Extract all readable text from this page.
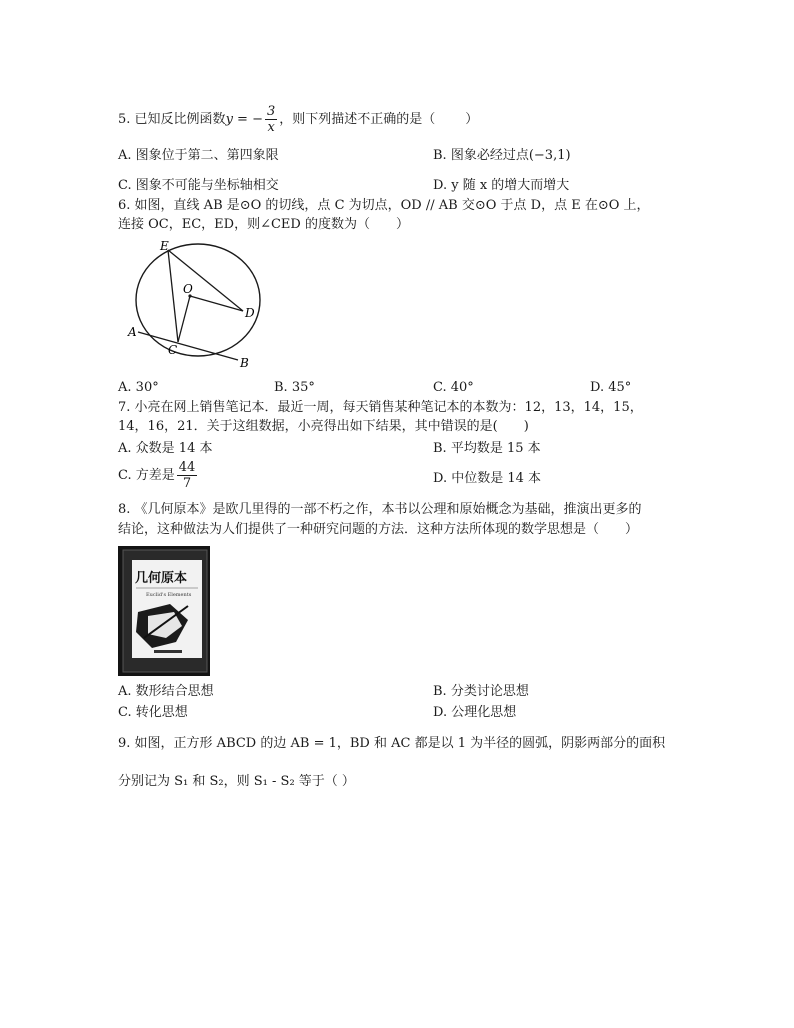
5. 已知反比例函数y = − $\frac{3}{x}$ ，则下列描述不正确的是（ ）
A. 图象位于第二、第四象限	B. 图象必经过点(−3,1)
C. 图象不可能与坐标轴相交	D. y 随 x 的增大而增大
6. 如图，直线 AB 是⊙O 的切线，点 C 为切点，OD // AB 交⊙O 于点 D，点 E 在⊙O 上，
连接 OC，EC，ED，则∠CED 的度数为（　　）
E
O
D
A
C
B
A. 30°	B. 35°	C. 40°	D. 45°
7. 小亮在网上销售笔记本．最近一周，每天销售某种笔记本的本数为：12，13，14，15，
14，16，21．关于这组数据，小亮得出如下结果，其中错误的是(　　)
A. 众数是 14 本	B. 平均数是 15 本
C. 方差是 $\frac{44}{7}$	D. 中位数是 14 本
8. 《几何原本》是欧几里得的一部不朽之作，本书以公理和原始概念为基础，推演出更多的
结论，这种做法为人们提供了一种研究问题的方法．这种方法所体现的数学思想是（　　）
几何原本
Euclid's Elements
A. 数形结合思想	B. 分类讨论思想
C. 转化思想	D. 公理化思想
9. 如图，正方形 ABCD 的边 AB = 1，BD 和 AC 都是以 1 为半径的圆弧，阴影两部分的面积
分别记为 S₁ 和 S₂，则 S₁ - S₂ 等于（ ）
